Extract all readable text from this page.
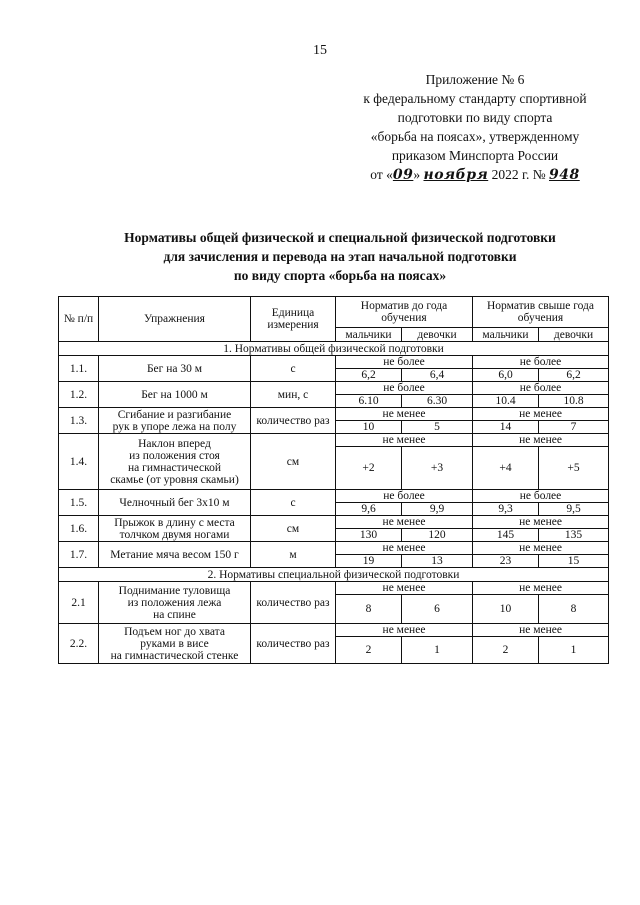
15
Приложение № 6
к федеральному стандарту спортивной
подготовки по виду спорта
«борьба на поясах», утвержденному
приказом Минспорта России
от «09» ноября 2022 г. № 948
Нормативы общей физической и специальной физической подготовки
для зачисления и перевода на этап начальной подготовки
по виду спорта «борьба на поясах»
№ п/п	Упражнения	Единица измерения	Норматив до года обучения		Норматив свыше года обучения	
			мальчики	девочки	мальчики	девочки
1. Нормативы общей физической подготовки						
1.1.	Бег на 30 м	с	не более		не более	
			6,2	6,4	6,0	6,2
1.2.	Бег на 1000 м	мин, с	не более		не более	
			6.10	6.30	10.4	10.8
1.3.	Сгибание и разгибание
рук в упоре лежа на полу	количество раз	не менее		не менее	
			10	5	14	7
1.4.	Наклон вперед
из положения стоя
на гимнастической
скамье (от уровня скамьи)	см	не менее		не менее	
			+2	+3	+4	+5
1.5.	Челночный бег 3х10 м	с	не более		не более	
			9,6	9,9	9,3	9,5
1.6.	Прыжок в длину с места
толчком двумя ногами	см	не менее		не менее	
			130	120	145	135
1.7.	Метание мяча весом 150 г	м	не менее		не менее	
			19	13	23	15
2. Нормативы специальной физической подготовки						
2.1	Поднимание туловища
из положения лежа
на спине	количество раз	не менее		не менее	
			8	6	10	8
2.2.	Подъем ног до хвата
руками в висе
на гимнастической стенке	количество раз	не менее		не менее	
			2	1	2	1
